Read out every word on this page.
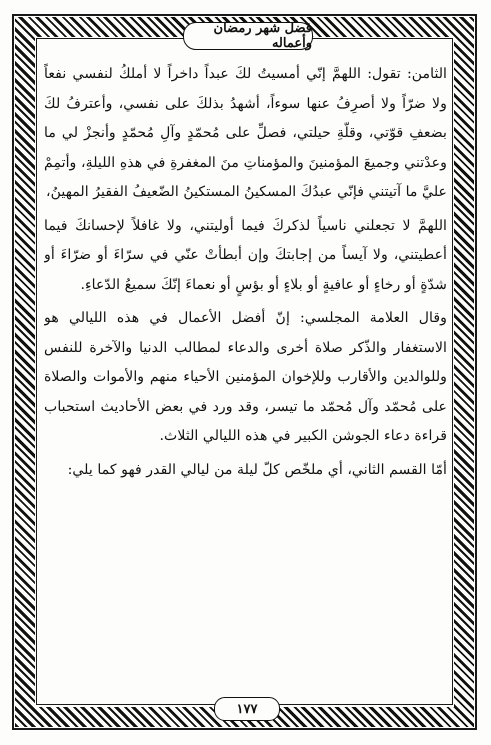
فضل شهر رمضان وأعماله

الثامن: تقول: اللهمَّ إنّي أمسيتُ لكَ عبداً داخراً لا أملكُ لنفسي نفعاً ولا ضرّاً ولا أصرِفُ عنها سوءاً، أشهدُ بذلكَ على نفسي، وأعترفُ لكَ بضعفِ قوّتي، وقلّةِ حيلتي، فصلِّ على مُحمّدٍ وآلِ مُحمّدٍ وأنجزْ لي ما وعدْتني وجميعَ المؤمنينَ والمؤمناتِ منَ المغفرةِ في هذهِ الليلةِ، وأتمِمْ عليَّ ما آتيتني فإنّي عبدُكَ المسكينُ المستكينُ الضّعيفُ الفقيرُ المهينُ،

اللهمَّ لا تجعلني ناسياً لذكركَ فيما أوليتني، ولا غافلاً لإحسانكَ فيما أعطيتني، ولا آيساً من إجابتكَ وإن أبطأتْ عنّي في سرّاءَ أو ضرّاءَ أو شدّةٍ أو رخاءٍ أو عافيةٍ أو بلاءٍ أو بؤسٍ أو نعماءَ إنّكَ سميعُ الدّعاءِ.

وقال العلامة المجلسي: إنّ أفضل الأعمال في هذه الليالي هو الاستغفار والذّكر صلاة أخرى والدعاء لمطالب الدنيا والآخرة للنفس وللوالدين والأقارب وللإخوان المؤمنين الأحياء منهم والأموات والصلاة على مُحمّد وآل مُحمّد ما تيسر، وقد ورد في بعض الأحاديث استحباب قراءة دعاء الجوشن الكبير في هذه الليالي الثلاث.

أمّا القسم الثاني، أي ملخّص كلّ ليلة من ليالي القدر فهو كما يلي:

١٧٧
